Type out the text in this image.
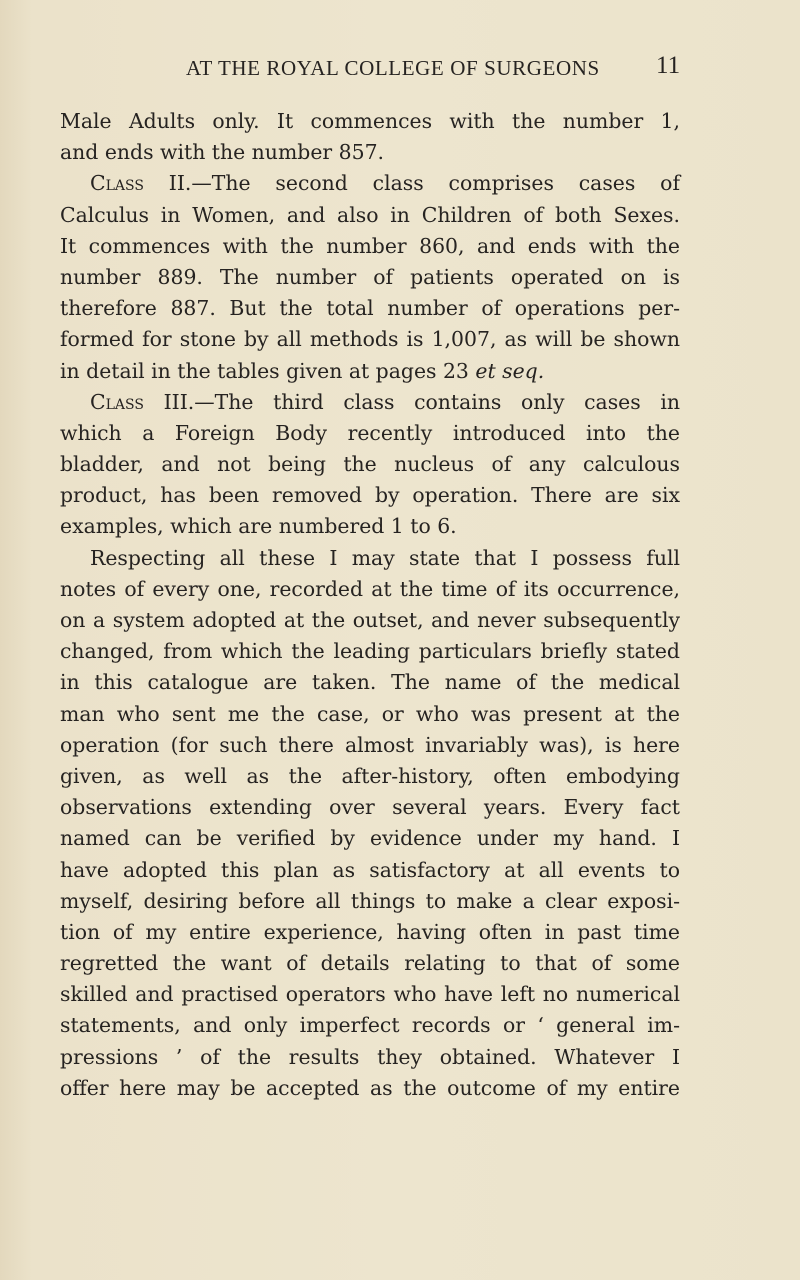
AT THE ROYAL COLLEGE OF SURGEONS	11
Male Adults only. It commences with the number 1,
and ends with the number 857.
Class II.—The second class comprises cases of
Calculus in Women, and also in Children of both Sexes.
It commences with the number 860, and ends with the
number 889. The number of patients operated on is
therefore 887. But the total number of operations per-
formed for stone by all methods is 1,007, as will be shown
in detail in the tables given at pages 23 et seq.
Class III.—The third class contains only cases in
which a Foreign Body recently introduced into the
bladder, and not being the nucleus of any calculous
product, has been removed by operation. There are six
examples, which are numbered 1 to 6.
Respecting all these I may state that I possess full
notes of every one, recorded at the time of its occurrence,
on a system adopted at the outset, and never subsequently
changed, from which the leading particulars briefly stated
in this catalogue are taken. The name of the medical
man who sent me the case, or who was present at the
operation (for such there almost invariably was), is here
given, as well as the after-history, often embodying
observations extending over several years. Every fact
named can be verified by evidence under my hand. I
have adopted this plan as satisfactory at all events to
myself, desiring before all things to make a clear exposi-
tion of my entire experience, having often in past time
regretted the want of details relating to that of some
skilled and practised operators who have left no numerical
statements, and only imperfect records or ‘ general im-
pressions ’ of the results they obtained. Whatever I
offer here may be accepted as the outcome of my entire
